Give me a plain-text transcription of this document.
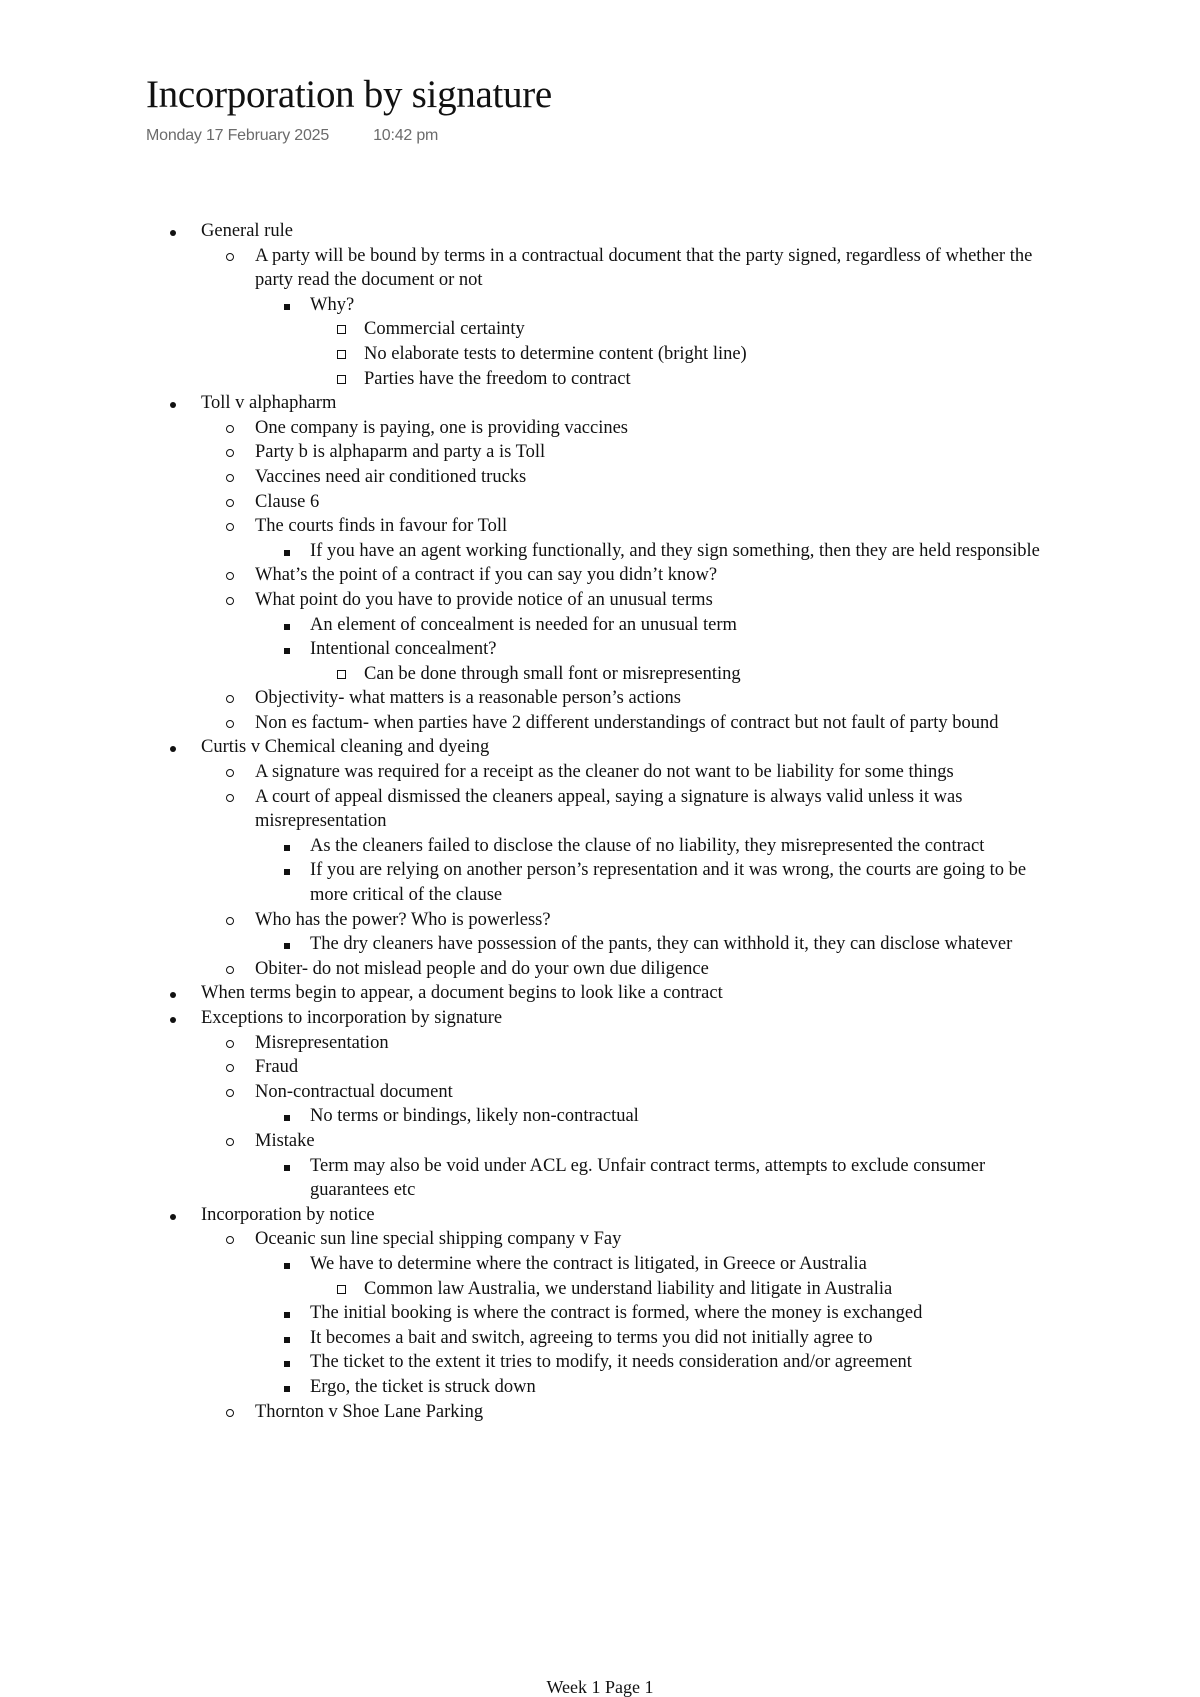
Incorporation by signature
Monday 17 February 2025	10:42 pm
General rule
A party will be bound by terms in a contractual document that the party signed, regardless of whether the party read the document or not
Why?
Commercial certainty
No elaborate tests to determine content (bright line)
Parties have the freedom to contract
Toll v alphapharm
One company is paying, one is providing vaccines
Party b is alphaparm and party a is Toll
Vaccines need air conditioned trucks
Clause 6
The courts finds in favour for Toll
If you have an agent working functionally, and they sign something, then they are held responsible
What’s the point of a contract if you can say you didn’t know?
What point do you have to provide notice of an unusual terms
An element of concealment is needed for an unusual term
Intentional concealment?
Can be done through small font or misrepresenting
Objectivity- what matters is a reasonable person’s actions
Non es factum- when parties have 2 different understandings of contract but not fault of party bound
Curtis v Chemical cleaning and dyeing
A signature was required for a receipt as the cleaner do not want to be liability for some things
A court of appeal dismissed the cleaners appeal, saying a signature is always valid unless it was misrepresentation
As the cleaners failed to disclose the clause of no liability, they misrepresented the contract
If you are relying on another person’s representation and it was wrong, the courts are going to be more critical of the clause
Who has the power? Who is powerless?
The dry cleaners have possession of the pants, they can withhold it, they can disclose whatever
Obiter- do not mislead people and do your own due diligence
When terms begin to appear, a document begins to look like a contract
Exceptions to incorporation by signature
Misrepresentation
Fraud
Non-contractual document
No terms or bindings, likely non-contractual
Mistake
Term may also be void under ACL eg. Unfair contract terms, attempts to exclude consumer guarantees etc
Incorporation by notice
Oceanic sun line special shipping company v Fay
We have to determine where the contract is litigated, in Greece or Australia
Common law Australia, we understand liability and litigate in Australia
The initial booking is where the contract is formed, where the money is exchanged
It becomes a bait and switch, agreeing to terms you did not initially agree to
The ticket to the extent it tries to modify, it needs consideration and/or agreement
Ergo, the ticket is struck down
Thornton v Shoe Lane Parking
Week 1 Page 1
